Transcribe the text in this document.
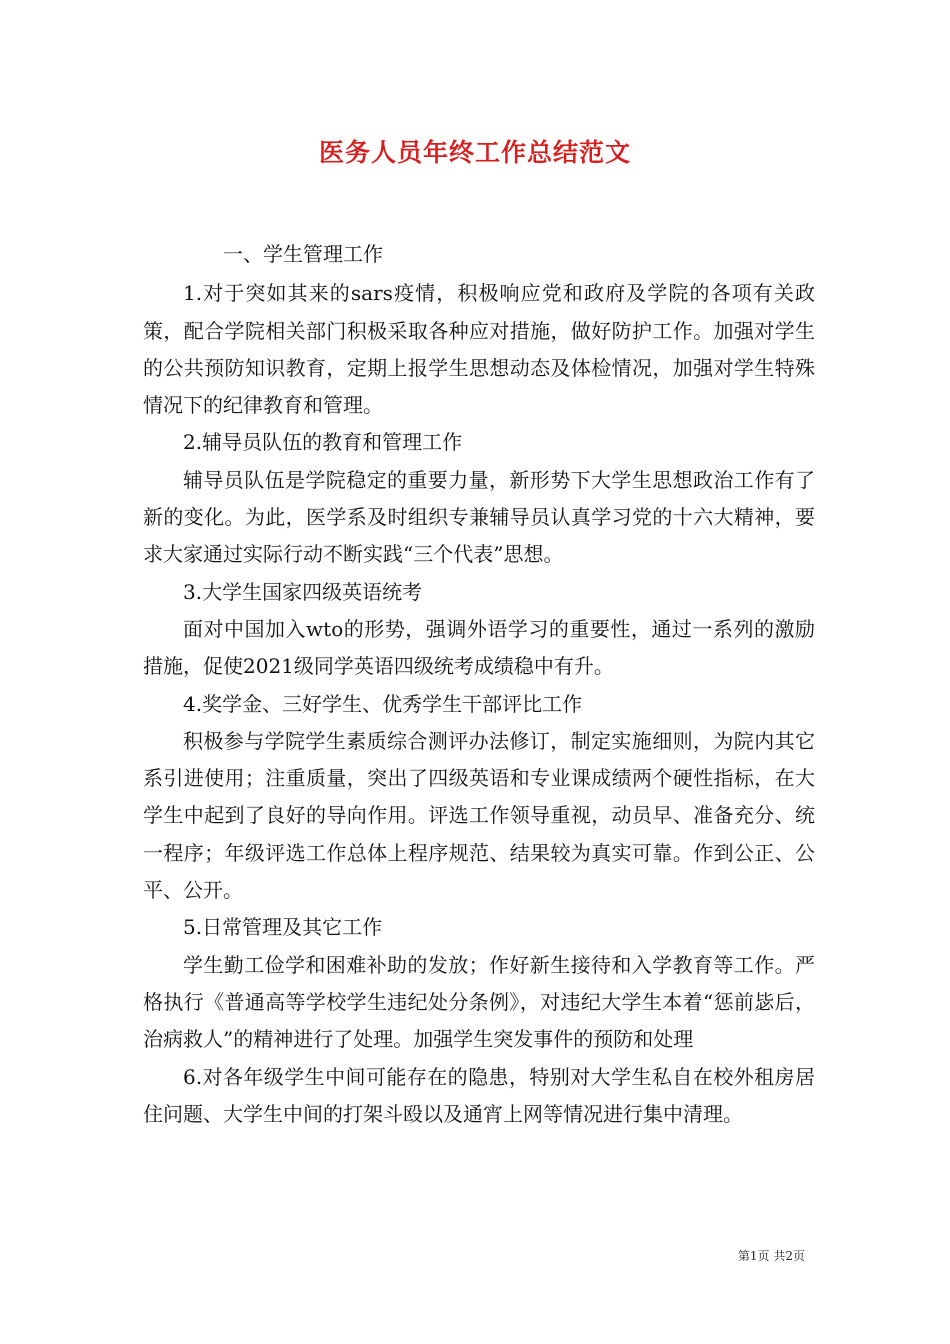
医务人员年终工作总结范文

一、学生管理工作

1.对于突如其来的sars疫情，积极响应党和政府及学院的各项有关政策，配合学院相关部门积极采取各种应对措施，做好防护工作。加强对学生的公共预防知识教育，定期上报学生思想动态及体检情况，加强对学生特殊情况下的纪律教育和管理。

2.辅导员队伍的教育和管理工作

辅导员队伍是学院稳定的重要力量，新形势下大学生思想政治工作有了新的变化。为此，医学系及时组织专兼辅导员认真学习党的十六大精神，要求大家通过实际行动不断实践“三个代表”思想。

3.大学生国家四级英语统考

面对中国加入wto的形势，强调外语学习的重要性，通过一系列的激励措施，促使2021级同学英语四级统考成绩稳中有升。

4.奖学金、三好学生、优秀学生干部评比工作

积极参与学院学生素质综合测评办法修订，制定实施细则，为院内其它系引进使用；注重质量，突出了四级英语和专业课成绩两个硬性指标，在大学生中起到了良好的导向作用。评选工作领导重视，动员早、准备充分、统一程序；年级评选工作总体上程序规范、结果较为真实可靠。作到公正、公平、公开。

5.日常管理及其它工作

学生勤工俭学和困难补助的发放；作好新生接待和入学教育等工作。严格执行《普通高等学校学生违纪处分条例》，对违纪大学生本着“惩前毖后，治病救人”的精神进行了处理。加强学生突发事件的预防和处理

6.对各年级学生中间可能存在的隐患，特别对大学生私自在校外租房居住问题、大学生中间的打架斗殴以及通宵上网等情况进行集中清理。

第1页 共2页
